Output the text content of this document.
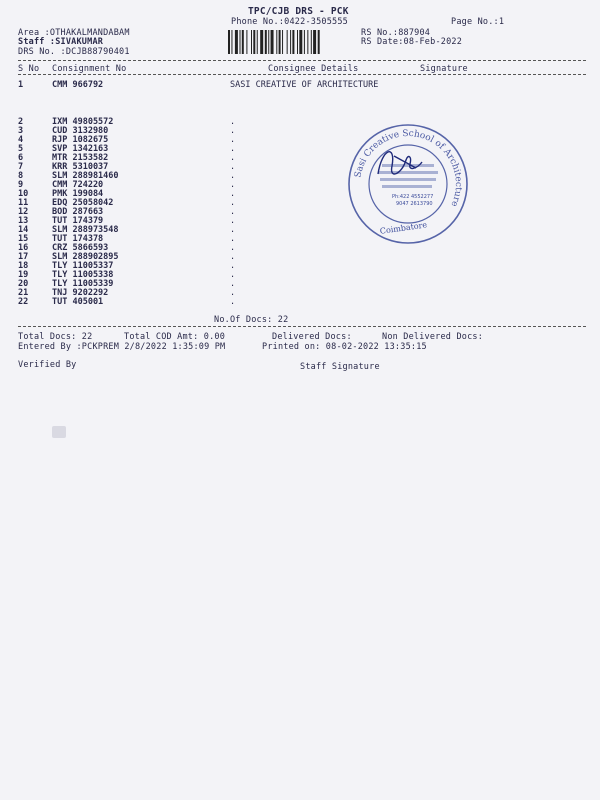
TPC/CJB DRS - PCK
Phone No.:0422-3505555	Page No.:1
Area :OTHAKALMANDABAM
Staff :SIVAKUMAR
DRS No. :DCJB88790401
RS No.:887904
RS Date:08-Feb-2022
S No Consignment No	Consignee Details	Signature
1	CMM 966792	SASI CREATIVE OF ARCHITECTURE
2	IXM 49805572	.
3	CUD 3132980	.
4	RJP 1082675	.
5	SVP 1342163	.
6	MTR 2153582	.
7	KRR 5310037	.
8	SLM 288981460	.
9	CMM 724220	.
10	PMK 199084	.
11	EDQ 25058042	.
12	BOD 287663	.
13	TUT 174379	.
14	SLM 288973548	.
15	TUT 174378	.
16	CRZ 5866593	.
17	SLM 288902895	.
18	TLY 11005337	.
19	TLY 11005338	.
20	TLY 11005339	.
21	TNJ 9202292	.
22	TUT 405001	.
No.Of Docs: 22
Total Docs: 22	Total COD Amt: 0.00	Delivered Docs:	Non Delivered Docs:
Entered By :PCKPREM 2/8/2022 1:35:09 PM	Printed on: 08-02-2022 13:35:15
Verified By	Staff Signature
Sasi Creative School of Architecture
Ph:422 4552277
9047 2613790
Coimbatore
